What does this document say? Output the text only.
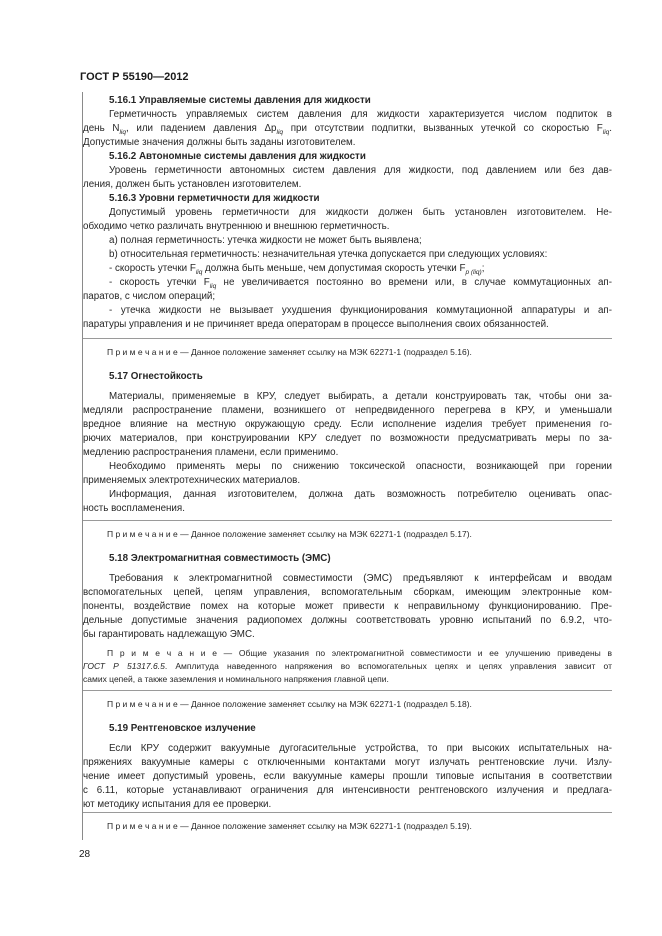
ГОСТ Р 55190—2012
5.16.1 Управляемые системы давления для жидкости
Герметичность управляемых систем давления для жидкости характеризуется числом подпиток в
день $N_{liq}$, или падением давления $\Delta p_{liq}$ при отсутствии подпитки, вызванных утечкой со скоростью $F_{liq}$.
Допустимые значения должны быть заданы изготовителем.
5.16.2 Автономные системы давления для жидкости
Уровень герметичности автономных систем давления для жидкости, под давлением или без дав-
ления, должен быть установлен изготовителем.
5.16.3 Уровни герметичности для жидкости
Допустимый уровень герметичности для жидкости должен быть установлен изготовителем. Не-
обходимо четко различать внутреннюю и внешнюю герметичность.
а) полная герметичность: утечка жидкости не может быть выявлена;
b) относительная герметичность: незначительная утечка допускается при следующих условиях:
- скорость утечки $F_{liq}$ должна быть меньше, чем допустимая скорость утечки $F_{p (liq)}$;
- скорость утечки $F_{liq}$ не увеличивается постоянно во времени или, в случае коммутационных ап-
паратов, с числом операций;
- утечка жидкости не вызывает ухудшения функционирования коммутационной аппаратуры и ап-
паратуры управления и не причиняет вреда операторам в процессе выполнения своих обязанностей.
П р и м е ч а н и е — Данное положение заменяет ссылку на МЭК 62271-1 (подраздел 5.16).
5.17 Огнестойкость
Материалы, применяемые в КРУ, следует выбирать, а детали конструировать так, чтобы они за-
медляли распространение пламени, возникшего от непредвиденного перегрева в КРУ, и уменьшали
вредное влияние на местную окружающую среду. Если исполнение изделия требует применения го-
рючих материалов, при конструировании КРУ следует по возможности предусматривать меры по за-
медлению распространения пламени, если применимо.
Необходимо применять меры по снижению токсической опасности, возникающей при горении
применяемых электротехнических материалов.
Информация, данная изготовителем, должна дать возможность потребителю оценивать опас-
ность воспламенения.
П р и м е ч а н и е — Данное положение заменяет ссылку на МЭК 62271-1 (подраздел 5.17).
5.18 Электромагнитная совместимость (ЭМС)
Требования к электромагнитной совместимости (ЭМС) предъявляют к интерфейсам и вводам
вспомогательных цепей, цепям управления, вспомогательным сборкам, имеющим электронные ком-
поненты, воздействие помех на которые может привести к неправильному функционированию. Пре-
дельные допустимые значения радиопомех должны соответствовать уровню испытаний по 6.9.2, что-
бы гарантировать надлежащую ЭМС.
П р и м е ч а н и е — Общие указания по электромагнитной совместимости и ее улучшению приведены в
ГОСТ Р 51317.6.5. Амплитуда наведенного напряжения во вспомогательных цепях и цепях управления зависит от
самих цепей, а также заземления и номинального напряжения главной цепи.
П р и м е ч а н и е — Данное положение заменяет ссылку на МЭК 62271-1 (подраздел 5.18).
5.19 Рентгеновское излучение
Если КРУ содержит вакуумные дугогасительные устройства, то при высоких испытательных на-
пряжениях вакуумные камеры с отключенными контактами могут излучать рентгеновские лучи. Излу-
чение имеет допустимый уровень, если вакуумные камеры прошли типовые испытания в соответствии
с 6.11, которые устанавливают ограничения для интенсивности рентгеновского излучения и предлага-
ют методику испытания для ее проверки.
П р и м е ч а н и е — Данное положение заменяет ссылку на МЭК 62271-1 (подраздел 5.19).
28
